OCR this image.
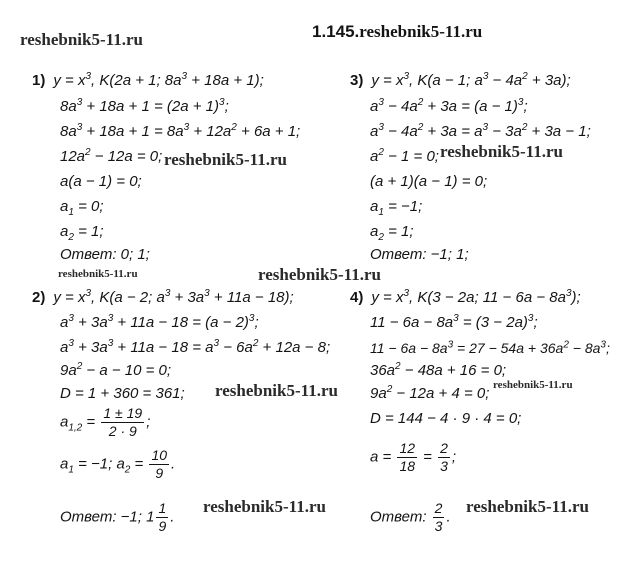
reshebnik5-11.ru
reshebnik5-11.ru	reshebnik5-11.ru
reshebnik5-11.ru	reshebnik5-11.ru
reshebnik5-11.ru	reshebnik5-11.ru
reshebnik5-11.ru	reshebnik5-11.ru
1.145.reshebnik5-11.ru
1) $y = x^3$, K(2a + 1; $8a^3 + 18a + 1$);
$8a^3 + 18a + 1 = (2a + 1)^3$;
$8a^3 + 18a + 1 = 8a^3 + 12a^2 + 6a + 1$;
$12a^2 - 12a = 0$;
a(a − 1) = 0;
$a_1 = 0$;
$a_2 = 1$;
Ответ: 0; 1;
3) $y = x^3$, K(a − 1; $a^3 - 4a^2 + 3a$);
$a^3 - 4a^2 + 3a = (a - 1)^3$;
$a^3 - 4a^2 + 3a = a^3 - 3a^2 + 3a - 1$;
$a^2 - 1 = 0$;
(a + 1)(a − 1) = 0;
$a_1 = -1$;
$a_2 = 1$;
Ответ: −1; 1;
2) $y = x^3$, K(a − 2; $a^3 + 3a^3 + 11a - 18$);
$a^3 + 3a^3 + 11a - 18 = (a - 2)^3$;
$a^3 + 3a^3 + 11a - 18 = a^3 - 6a^2 + 12a - 8$;
$9a^2 - a - 10 = 0$;
D = 1 + 360 = 361;
$a_{1,2} = \frac{1 \pm 19}{2 \cdot 9}$ ;
$a_1 = -1$; $a_2 = \frac{10}{9}$ .
Ответ: −1; $1 \frac{1}{9}$ .
4) $y = x^3$, K(3 − 2a; $11 - 6a - 8a^3$);
$11 - 6a - 8a^3 = (3 - 2a)^3$;
$11 - 6a - 8a^3 = 27 - 54a + 36a^2 - 8a^3$;
$36a^2 - 48a + 16 = 0$;
$9a^2 - 12a + 4 = 0$;
D = 144 − 4 · 9 · 4 = 0;
$a = \frac{12}{18} = \frac{2}{3}$ ;
Ответ: $\frac{2}{3}$ .
